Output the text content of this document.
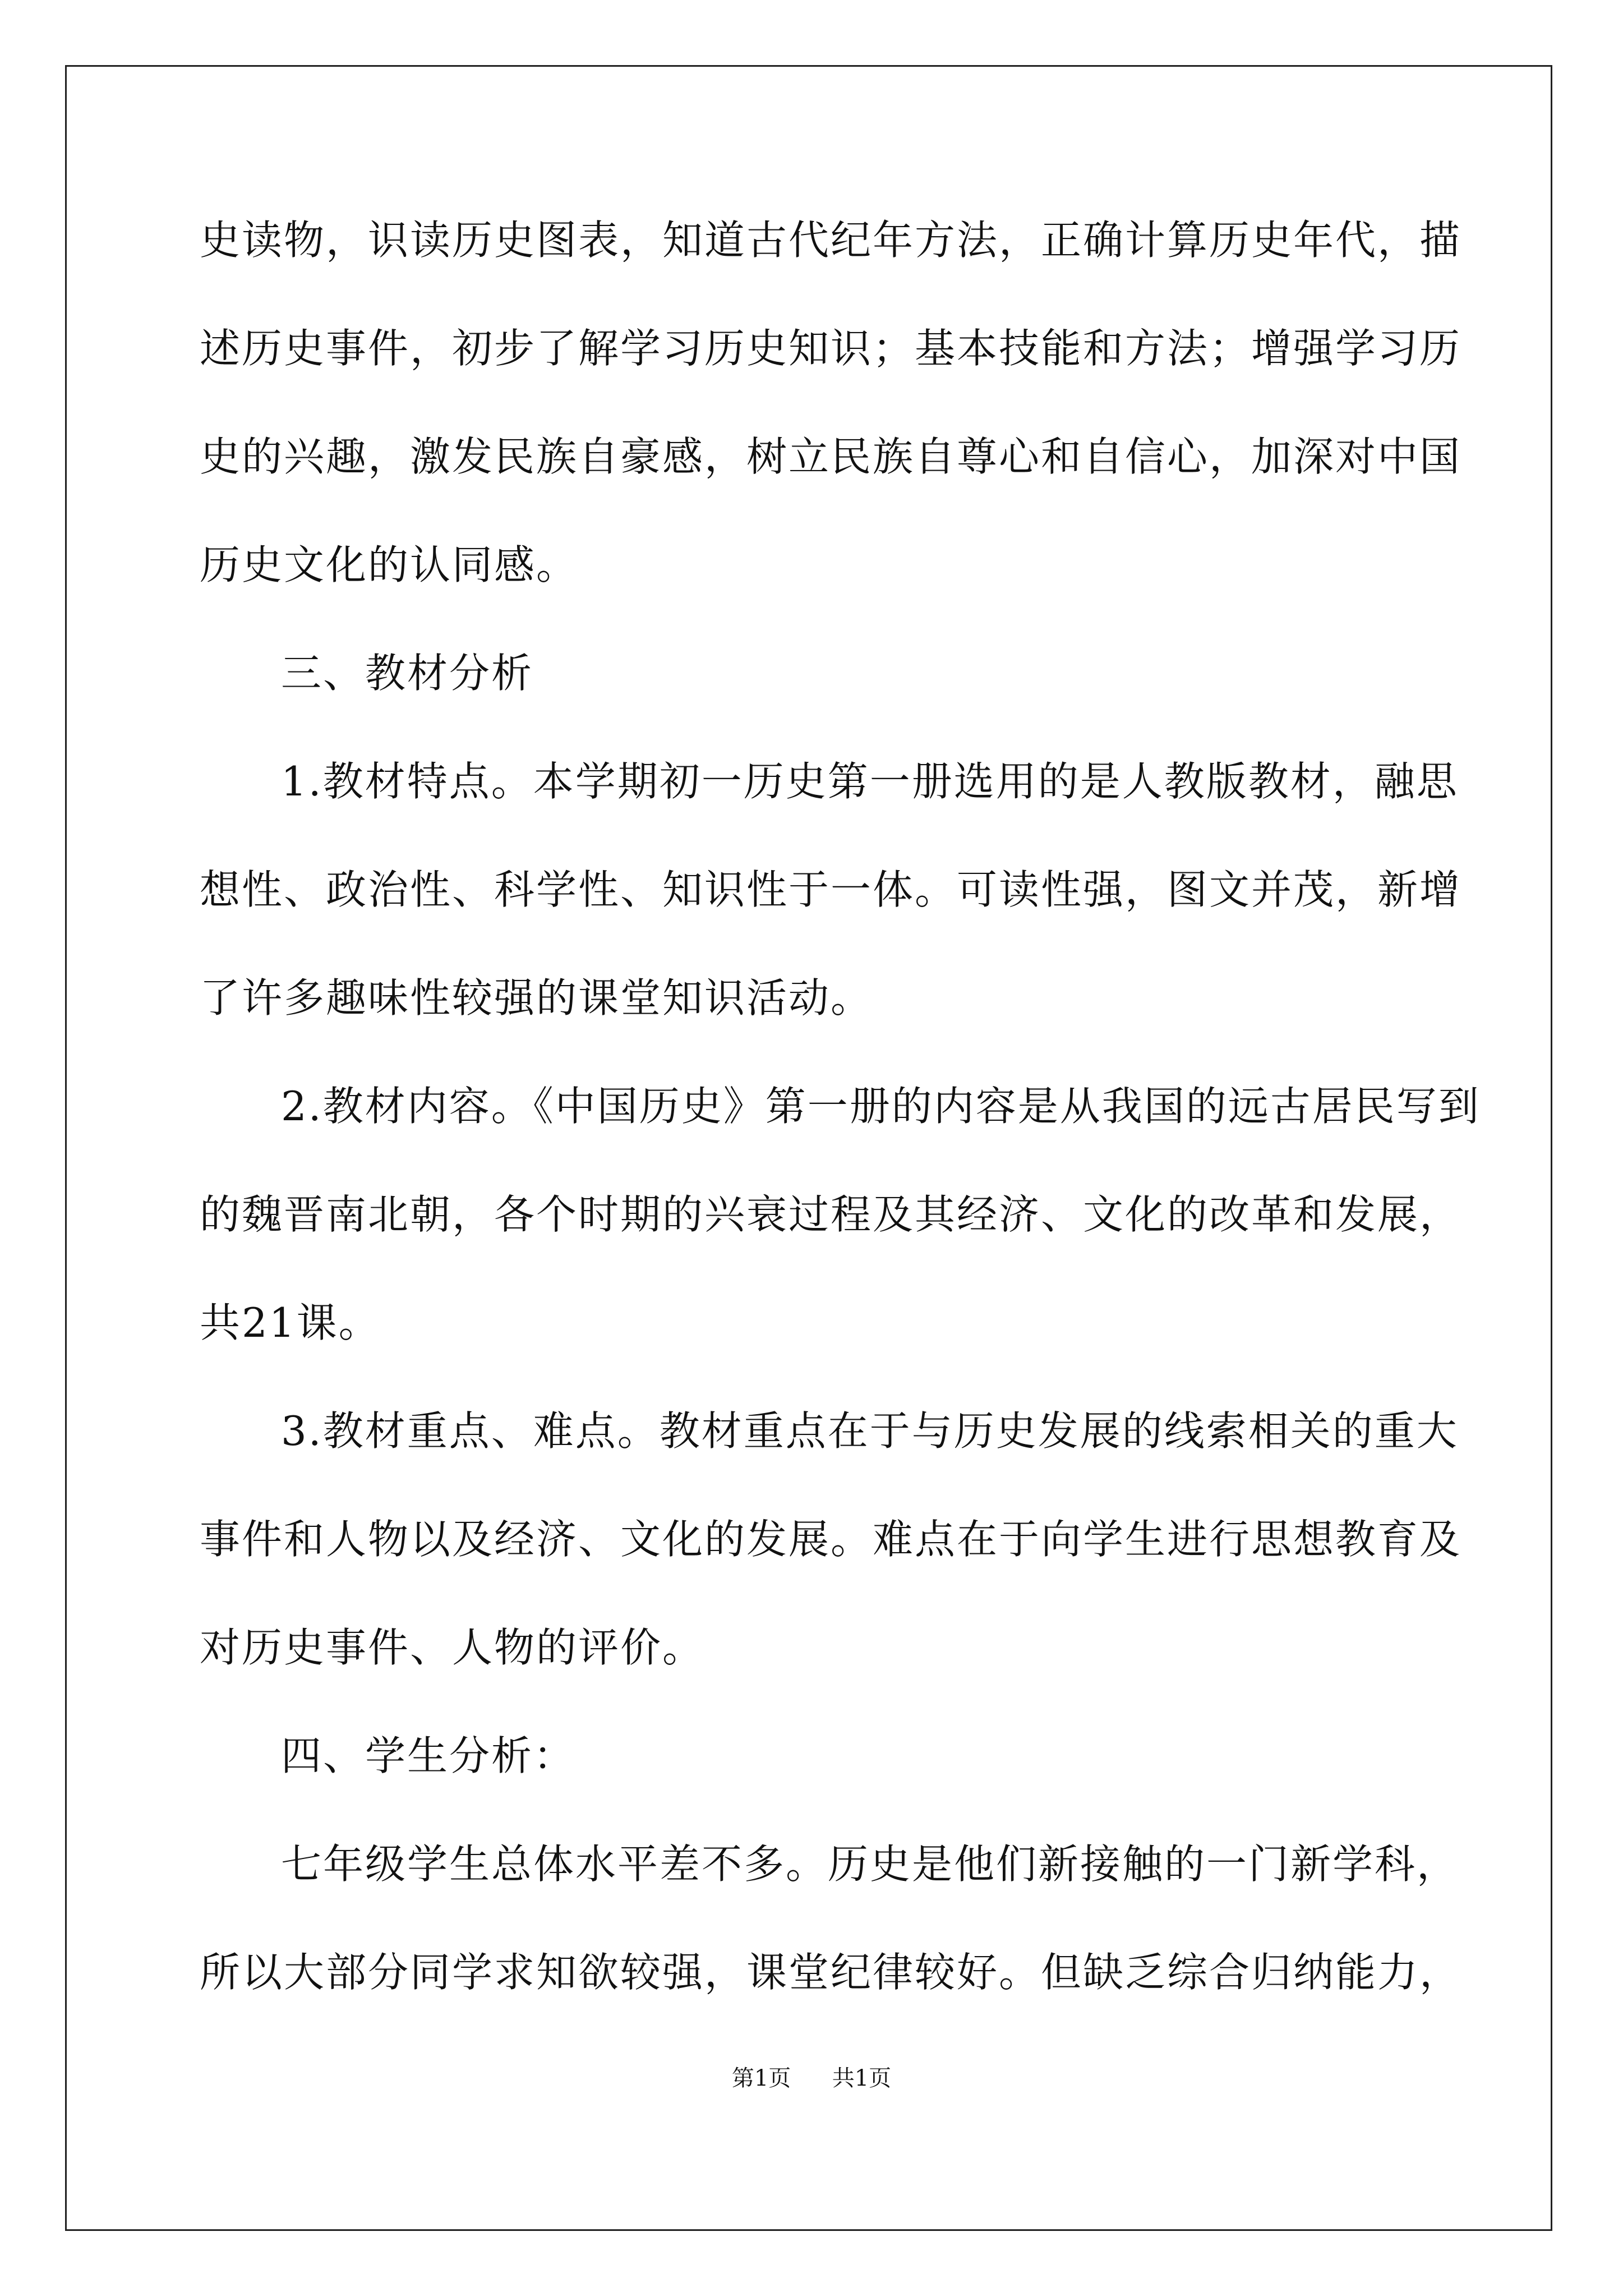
史读物，识读历史图表，知道古代纪年方法，正确计算历史年代，描

述历史事件，初步了解学习历史知识；基本技能和方法；增强学习历

史的兴趣，激发民族自豪感，树立民族自尊心和自信心，加深对中国

历史文化的认同感。

三、教材分析

1.教材特点。本学期初一历史第一册选用的是人教版教材，融思

想性、政治性、科学性、知识性于一体。可读性强，图文并茂，新增

了许多趣味性较强的课堂知识活动。

2.教材内容。《中国历史》第一册的内容是从我国的远古居民写到

的魏晋南北朝，各个时期的兴衰过程及其经济、文化的改革和发展，

共21课。

3.教材重点、难点。教材重点在于与历史发展的线索相关的重大

事件和人物以及经济、文化的发展。难点在于向学生进行思想教育及

对历史事件、人物的评价。

四、学生分析：

七年级学生总体水平差不多。历史是他们新接触的一门新学科，

所以大部分同学求知欲较强，课堂纪律较好。但缺乏综合归纳能力，

第1页 共1页
